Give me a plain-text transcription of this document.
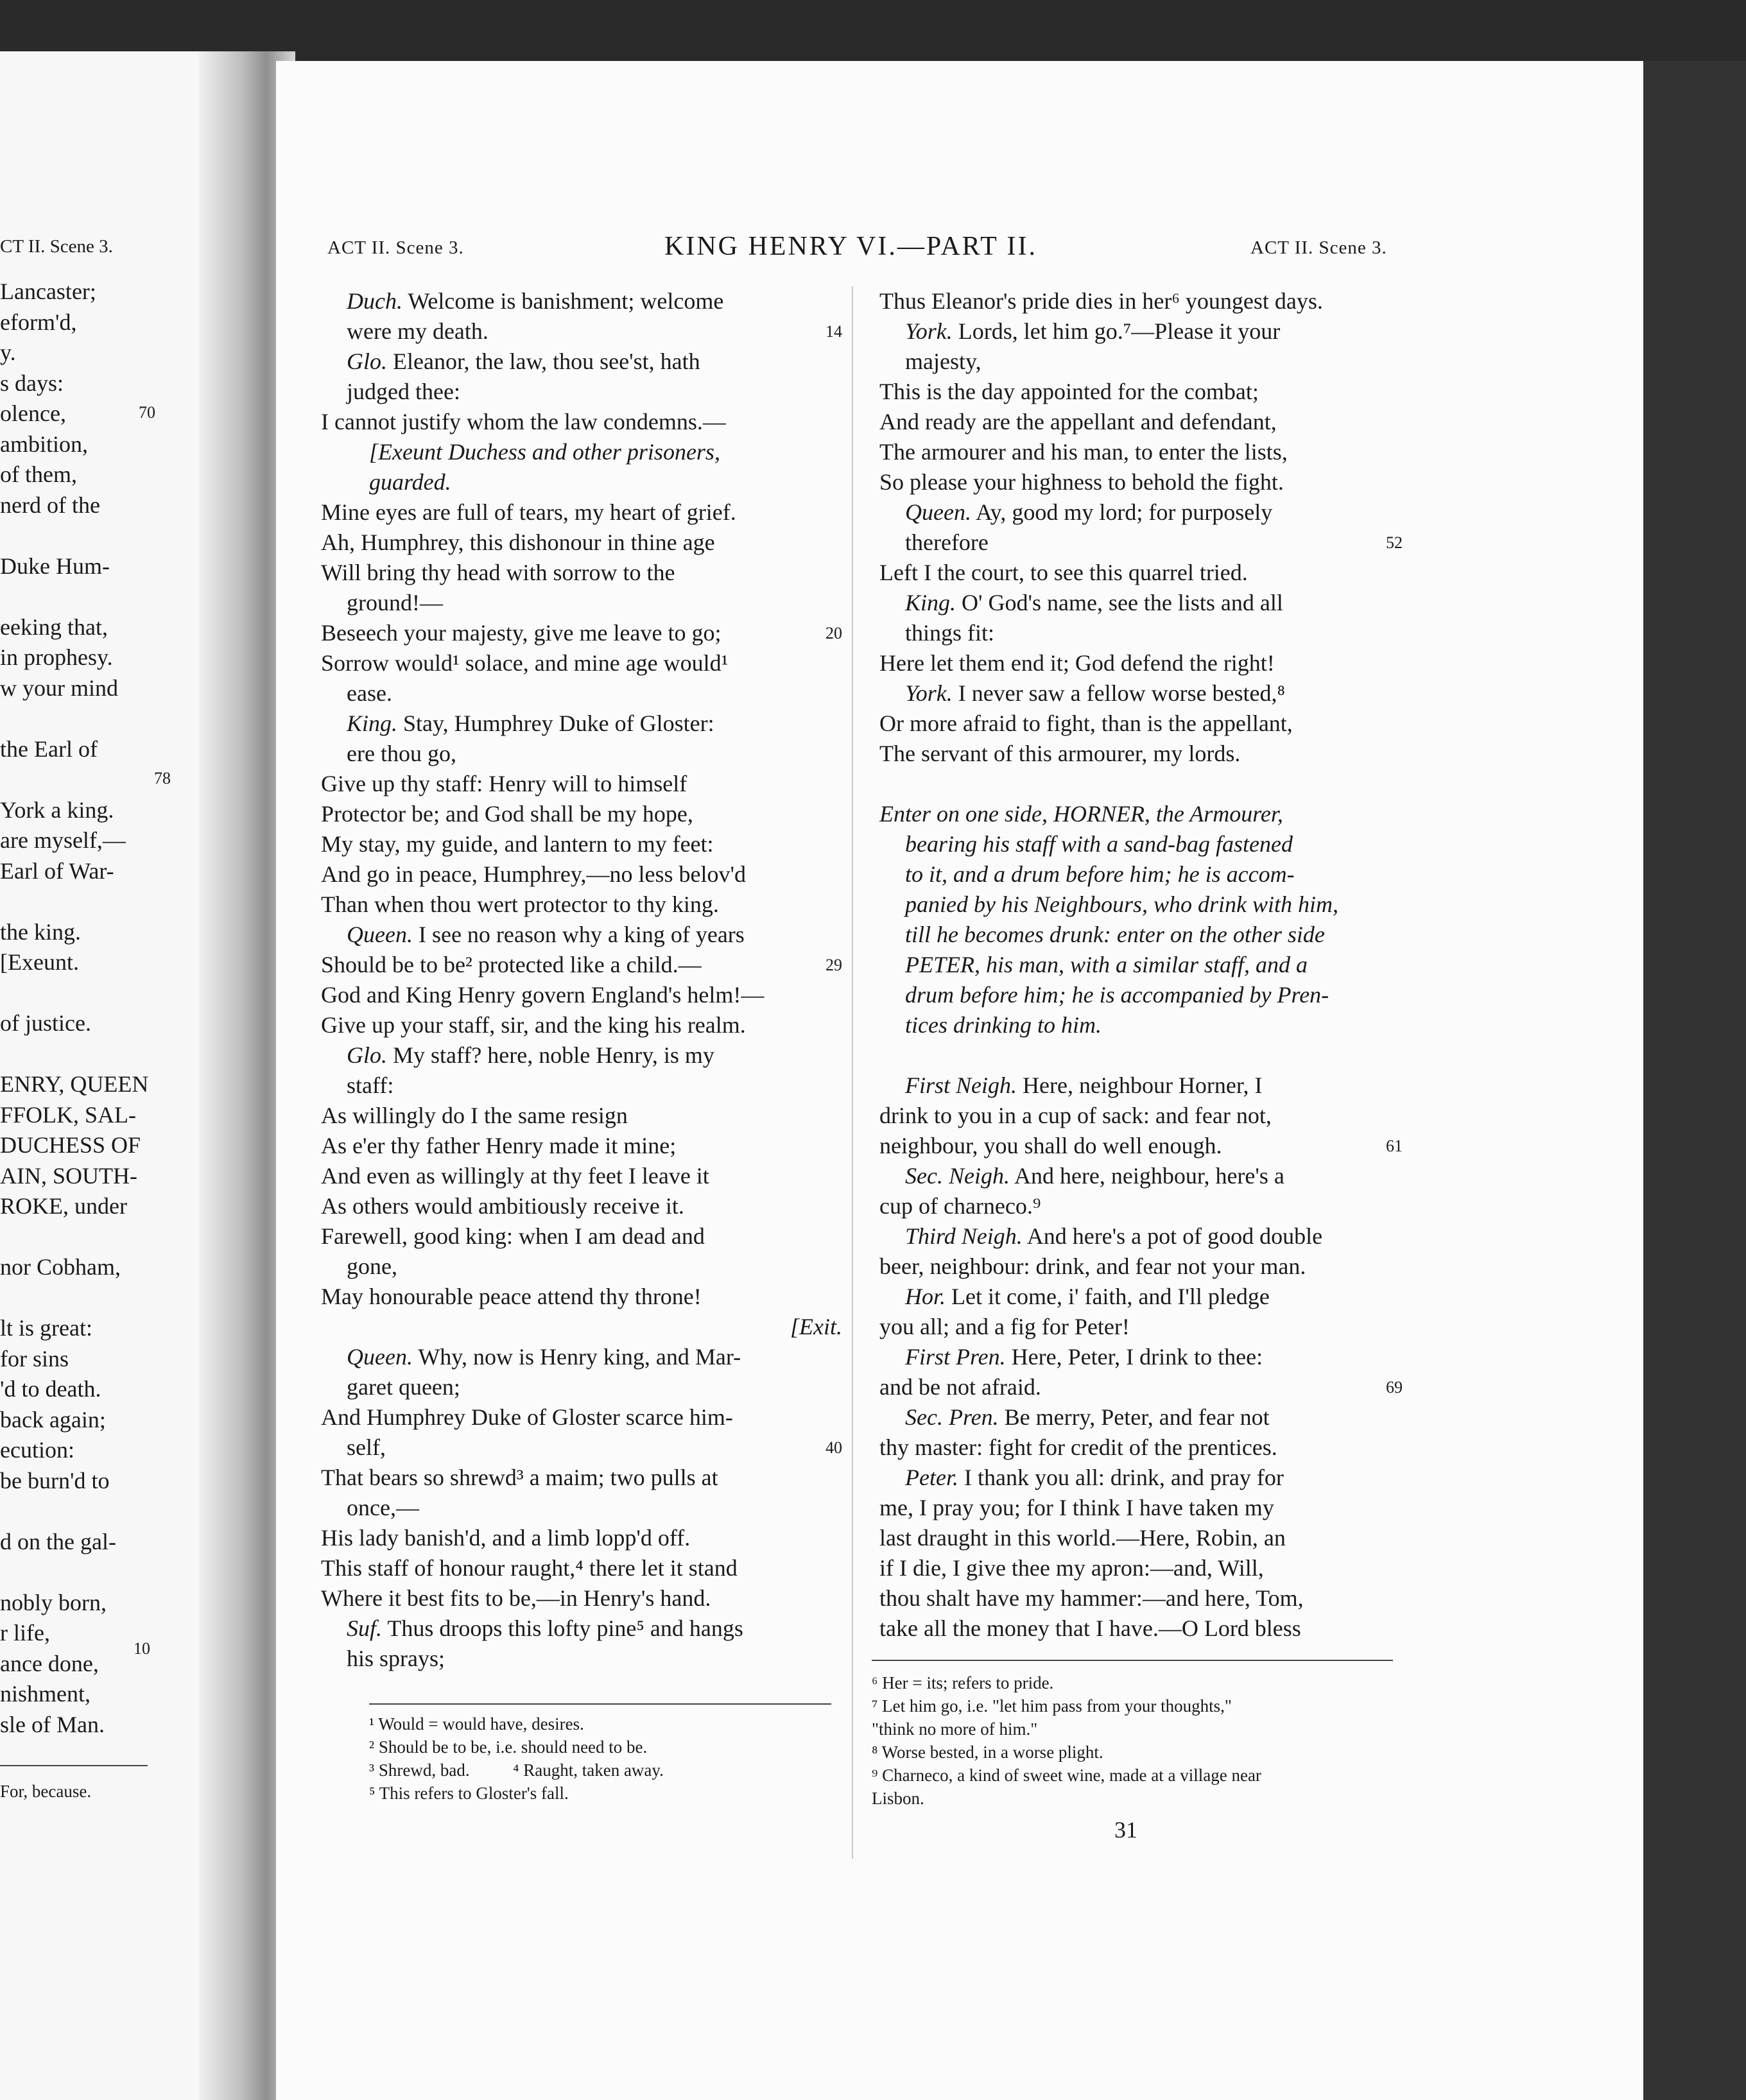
CT II. Scene 3.
Lancaster;
eform'd,
y.
s days:
olence,
ambition,
of them,
nerd of the
Duke Hum-
eeking that,
in prophesy.
w your mind
the Earl of
York a king.
are myself,—
Earl of War-
the king.
[Exeunt.
of justice.
ENRY, QUEEN
FFOLK, SAL-
DUCHESS OF
AIN, SOUTH-
ROKE, under
nor Cobham,
lt is great:
for sins
'd to death.
back again;
ecution:
be burn'd to
d on the gal-
nobly born,
r life,
ance done,
nishment,
sle of Man.
70
78
10
For, because.
ACT II. Scene 3.	KING HENRY VI.—PART II.	ACT II. Scene 3.
Duch. Welcome is banishment; welcome
were my death.	14
Glo. Eleanor, the law, thou see'st, hath
judged thee:
I cannot justify whom the law condemns.—
[Exeunt Duchess and other prisoners,
guarded.
Mine eyes are full of tears, my heart of grief.
Ah, Humphrey, this dishonour in thine age
Will bring thy head with sorrow to the
ground!—
Beseech your majesty, give me leave to go;	20
Sorrow would¹ solace, and mine age would¹
ease.
King. Stay, Humphrey Duke of Gloster:
ere thou go,
Give up thy staff: Henry will to himself
Protector be; and God shall be my hope,
My stay, my guide, and lantern to my feet:
And go in peace, Humphrey,—no less belov'd
Than when thou wert protector to thy king.
Queen. I see no reason why a king of years
Should be to be² protected like a child.—	29
God and King Henry govern England's helm!—
Give up your staff, sir, and the king his realm.
Glo. My staff? here, noble Henry, is my
staff:
As willingly do I the same resign
As e'er thy father Henry made it mine;
And even as willingly at thy feet I leave it
As others would ambitiously receive it.
Farewell, good king: when I am dead and
gone,
May honourable peace attend thy throne!
[Exit.
Queen. Why, now is Henry king, and Mar-
garet queen;
And Humphrey Duke of Gloster scarce him-
self,	40
That bears so shrewd³ a maim; two pulls at
once,—
His lady banish'd, and a limb lopp'd off.
This staff of honour raught,⁴ there let it stand
Where it best fits to be,—in Henry's hand.
Suf. Thus droops this lofty pine⁵ and hangs
his sprays;
Thus Eleanor's pride dies in her⁶ youngest days.
York. Lords, let him go.⁷—Please it your
majesty,
This is the day appointed for the combat;
And ready are the appellant and defendant,
The armourer and his man, to enter the lists,
So please your highness to behold the fight.
Queen. Ay, good my lord; for purposely
therefore	52
Left I the court, to see this quarrel tried.
King. O' God's name, see the lists and all
things fit:
Here let them end it; God defend the right!
York. I never saw a fellow worse bested,⁸
Or more afraid to fight, than is the appellant,
The servant of this armourer, my lords.
Enter on one side, HORNER, the Armourer,
bearing his staff with a sand-bag fastened
to it, and a drum before him; he is accom-
panied by his Neighbours, who drink with him,
till he becomes drunk: enter on the other side
PETER, his man, with a similar staff, and a
drum before him; he is accompanied by Pren-
tices drinking to him.
First Neigh. Here, neighbour Horner, I
drink to you in a cup of sack: and fear not,
neighbour, you shall do well enough.	61
Sec. Neigh. And here, neighbour, here's a
cup of charneco.⁹
Third Neigh. And here's a pot of good double
beer, neighbour: drink, and fear not your man.
Hor. Let it come, i' faith, and I'll pledge
you all; and a fig for Peter!
First Pren. Here, Peter, I drink to thee:
and be not afraid.	69
Sec. Pren. Be merry, Peter, and fear not
thy master: fight for credit of the prentices.
Peter. I thank you all: drink, and pray for
me, I pray you; for I think I have taken my
last draught in this world.—Here, Robin, an
if I die, I give thee my apron:—and, Will,
thou shalt have my hammer:—and here, Tom,
take all the money that I have.—O Lord bless
¹ Would = would have, desires.
² Should be to be, i.e. should need to be.
³ Shrewd, bad.          ⁴ Raught, taken away.
⁵ This refers to Gloster's fall.
⁶ Her = its; refers to pride.
⁷ Let him go, i.e. "let him pass from your thoughts,"
"think no more of him."
⁸ Worse bested, in a worse plight.
⁹ Charneco, a kind of sweet wine, made at a village near
Lisbon.
31
